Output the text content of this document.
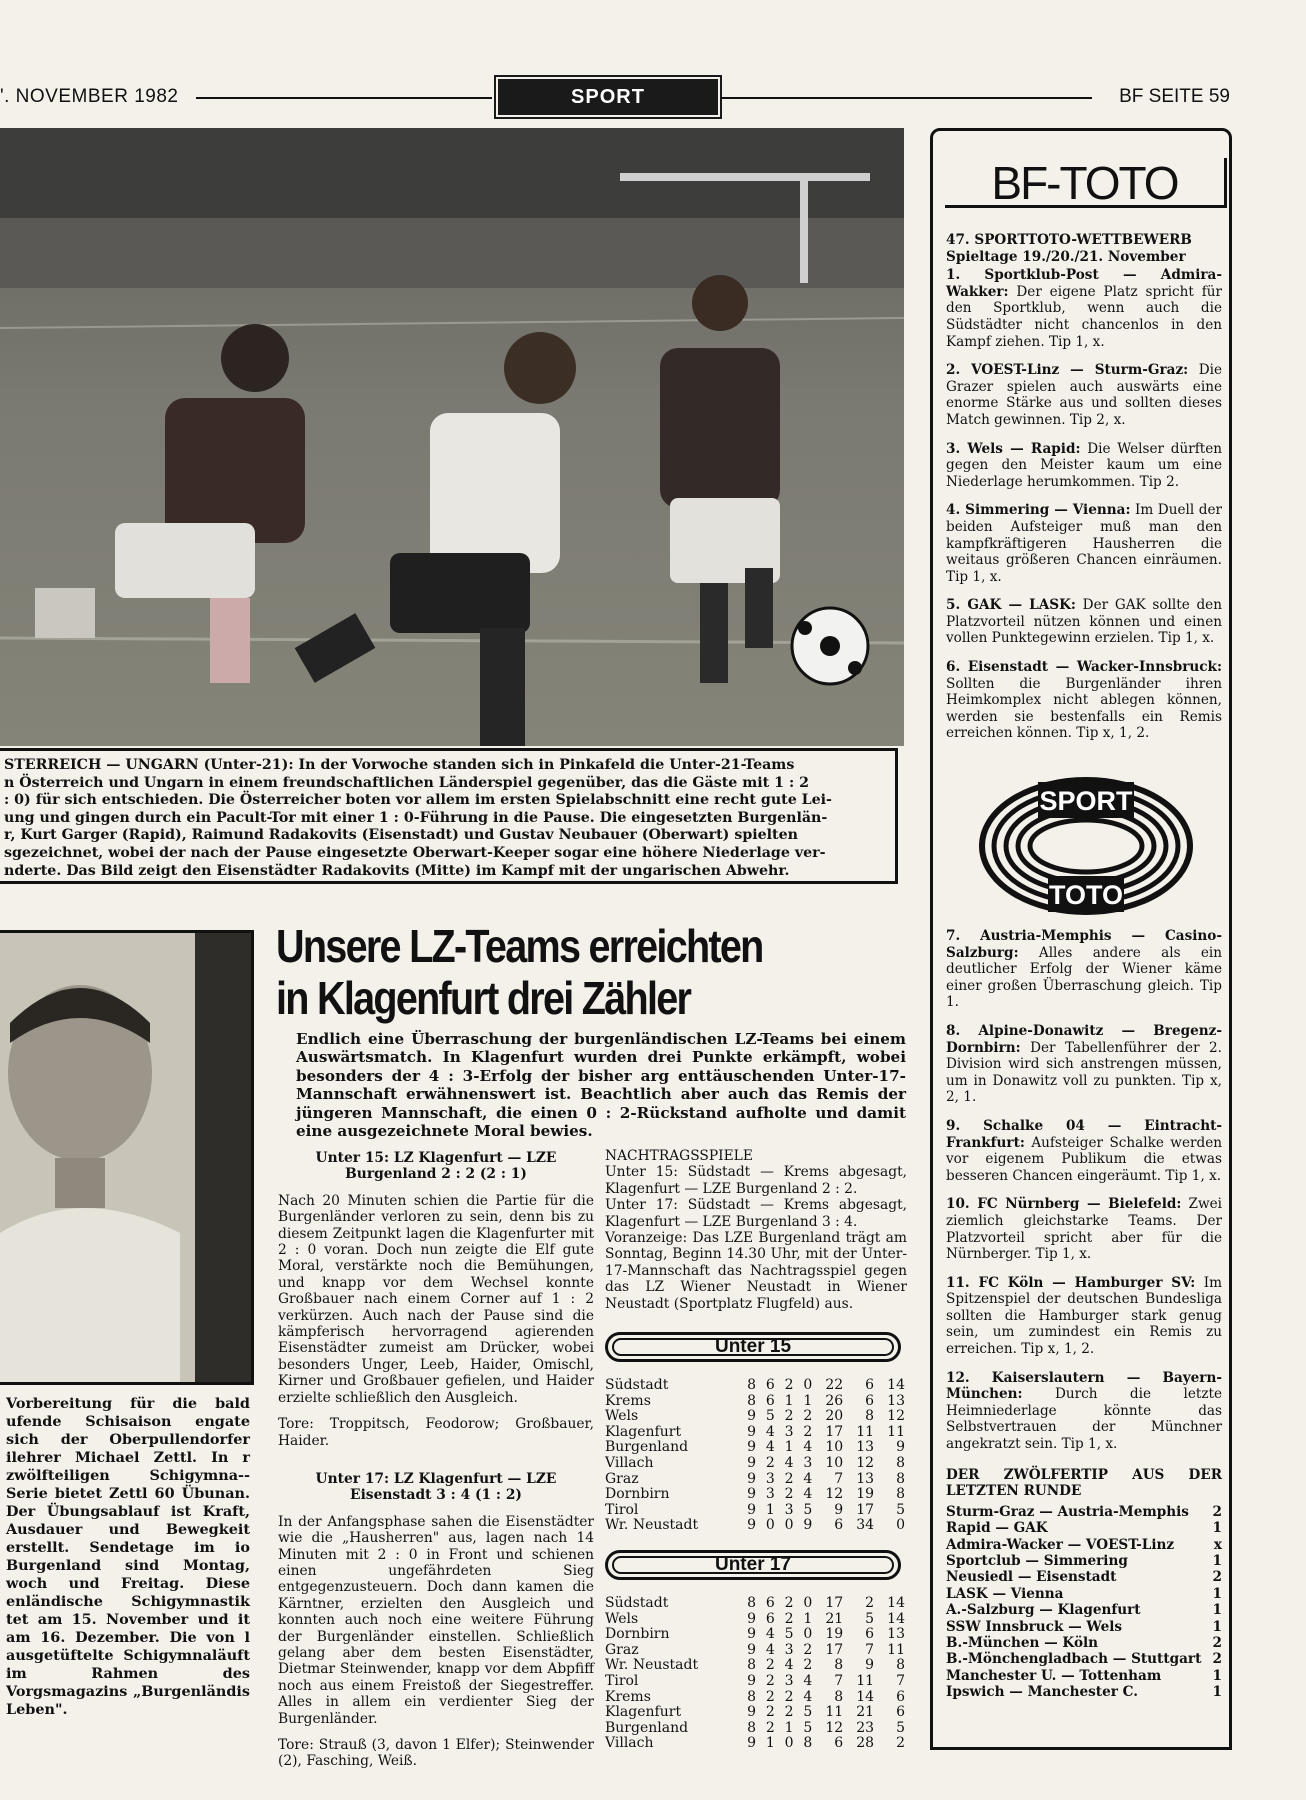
'. NOVEMBER 1982	SPORT	BF SEITE 59
STERREICH — UNGARN (Unter-21): In der Vorwoche standen sich in Pinkafeld die Unter-21-Teams
n Österreich und Ungarn in einem freundschaftlichen Länderspiel gegenüber, das die Gäste mit 1 : 2
: 0) für sich entschieden. Die Österreicher boten vor allem im ersten Spielabschnitt eine recht gute Lei-
ung und gingen durch ein Pacult-Tor mit einer 1 : 0-Führung in die Pause. Die eingesetzten Burgenlän-
r, Kurt Garger (Rapid), Raimund Radakovits (Eisenstadt) und Gustav Neubauer (Oberwart) spielten
sgezeichnet, wobei der nach der Pause eingesetzte Oberwart-Keeper sogar eine höhere Niederlage ver-
nderte. Das Bild zeigt den Eisenstädter Radakovits (Mitte) im Kampf mit der ungarischen Abwehr.
_BF-TOTO_
47. SPORTTOTO-WETTBEWERB
Spieltage 19./20./21. November

1. Sportklub-Post — Admira-Wakker: Der eigene Platz spricht für den Sportklub, wenn auch die Südstädter nicht chancenlos in den Kampf ziehen. Tip 1, x.

2. VOEST-Linz — Sturm-Graz: Die Grazer spielen auch auswärts eine enorme Stärke aus und sollten dieses Match gewinnen. Tip 2, x.

3. Wels — Rapid: Die Welser dürften gegen den Meister kaum um eine Niederlage herumkommen. Tip 2.

4. Simmering — Vienna: Im Duell der beiden Aufsteiger muß man den kampfkräftigeren Hausherren die weitaus größeren Chancen einräumen. Tip 1, x.

5. GAK — LASK: Der GAK sollte den Platzvorteil nützen können und einen vollen Punktegewinn erzielen. Tip 1, x.

6. Eisenstadt — Wacker-Innsbruck: Sollten die Burgenländer ihren Heimkomplex nicht ablegen können, werden sie bestenfalls ein Remis erreichen können. Tip x, 1, 2.

SPORT
TOTO

7. Austria-Memphis — Casino-Salzburg: Alles andere als ein deutlicher Erfolg der Wiener käme einer großen Überraschung gleich. Tip 1.

8. Alpine-Donawitz — Bregenz-Dornbirn: Der Tabellenführer der 2. Division wird sich anstrengen müssen, um in Donawitz voll zu punkten. Tip x, 2, 1.

9. Schalke 04 — Eintracht-Frankfurt: Aufsteiger Schalke werden vor eigenem Publikum die etwas besseren Chancen eingeräumt. Tip 1, x.

10. FC Nürnberg — Bielefeld: Zwei ziemlich gleichstarke Teams. Der Platzvorteil spricht aber für die Nürnberger. Tip 1, x.

11. FC Köln — Hamburger SV: Im Spitzenspiel der deutschen Bundesliga sollten die Hamburger stark genug sein, um zumindest ein Remis zu erreichen. Tip x, 1, 2.

12. Kaiserslautern — Bayern-München: Durch die letzte Heimniederlage könnte das Selbstvertrauen der Münchner angekratzt sein. Tip 1, x.

DER ZWÖLFERTIP AUS DER LETZTEN RUNDE
Sturm-Graz — Austria-Memphis	2
Rapid — GAK	1
Admira-Wacker — VOEST-Linz	x
Sportclub — Simmering	1
Neusiedl — Eisenstadt	2
LASK — Vienna	1
A.-Salzburg — Klagenfurt	1
SSW Innsbruck — Wels	1
B.-München — Köln	2
B.-Mönchengladbach — Stuttgart	2
Manchester U. — Tottenham	1
Ipswich — Manchester C.	1
Vorbereitung für die bald ufende Schisaison engate sich der Oberpullendorfer ilehrer Michael Zettl. In r zwölfteiligen Schigymna--Serie bietet Zettl 60 Übunan. Der Übungsablauf ist Kraft, Ausdauer und Bewegkeit erstellt. Sendetage im io Burgenland sind Montag, woch und Freitag. Diese enländische Schigymnastik tet am 15. November und it am 16. Dezember. Die von l ausgetüftelte Schigymnaläuft im Rahmen des Vorgsmagazins „Burgenländis Leben".
Unsere LZ-Teams erreichten
in Klagenfurt drei Zähler
Endlich eine Überraschung der burgenländischen LZ-Teams bei einem Auswärtsmatch. In Klagenfurt wurden drei Punkte erkämpft, wobei besonders der 4 : 3-Erfolg der bisher arg enttäuschenden Unter-17-Mannschaft erwähnenswert ist. Beachtlich aber auch das Remis der jüngeren Mannschaft, die einen 0 : 2-Rückstand aufholte und damit eine ausgezeichnete Moral bewies.

Unter 15: LZ Klagenfurt — LZE Burgenland 2 : 2 (2 : 1)

Nach 20 Minuten schien die Partie für die Burgenländer verloren zu sein, denn bis zu diesem Zeitpunkt lagen die Klagenfurter mit 2 : 0 voran. Doch nun zeigte die Elf gute Moral, verstärkte noch die Bemühungen, und knapp vor dem Wechsel konnte Großbauer nach einem Corner auf 1 : 2 verkürzen. Auch nach der Pause sind die kämpferisch hervorragend agierenden Eisenstädter zumeist am Drücker, wobei besonders Unger, Leeb, Haider, Omischl, Kirner und Großbauer gefielen, und Haider erzielte schließlich den Ausgleich.

Tore: Troppitsch, Feodorow; Großbauer, Haider.

Unter 17: LZ Klagenfurt — LZE Eisenstadt 3 : 4 (1 : 2)

In der Anfangsphase sahen die Eisenstädter wie die „Hausherren" aus, lagen nach 14 Minuten mit 2 : 0 in Front und schienen einen ungefährdeten Sieg entgegenzusteuern. Doch dann kamen die Kärntner, erzielten den Ausgleich und konnten auch noch eine weitere Führung der Burgenländer einstellen. Schließlich gelang aber dem besten Eisenstädter, Dietmar Steinwender, knapp vor dem Abpfiff noch aus einem Freistoß der Siegestreffer. Alles in allem ein verdienter Sieg der Burgenländer.

Tore: Strauß (3, davon 1 Elfer); Steinwender (2), Fasching, Weiß.

NACHTRAGSSPIELE

Unter 15: Südstadt — Krems abgesagt, Klagenfurt — LZE Burgenland 2 : 2.

Unter 17: Südstadt — Krems abgesagt, Klagenfurt — LZE Burgenland 3 : 4.

Voranzeige: Das LZE Burgenland trägt am Sonntag, Beginn 14.30 Uhr, mit der Unter-17-Mannschaft das Nachtragsspiel gegen das LZ Wiener Neustadt in Wiener Neustadt (Sportplatz Flugfeld) aus.

Unter 15
Südstadt	8	6	2	0	22	6	14
Krems	8	6	1	1	26	6	13
Wels	9	5	2	2	20	8	12
Klagenfurt	9	4	3	2	17	11	11
Burgenland	9	4	1	4	10	13	9
Villach	9	2	4	3	10	12	8
Graz	9	3	2	4	7	13	8
Dornbirn	9	3	2	4	12	19	8
Tirol	9	1	3	5	9	17	5
Wr. Neustadt	9	0	0	9	6	34	0
Unter 17
Südstadt	8	6	2	0	17	2	14
Wels	9	6	2	1	21	5	14
Dornbirn	9	4	5	0	19	6	13
Graz	9	4	3	2	17	7	11
Wr. Neustadt	8	2	4	2	8	9	8
Tirol	9	2	3	4	7	11	7
Krems	8	2	2	4	8	14	6
Klagenfurt	9	2	2	5	11	21	6
Burgenland	8	2	1	5	12	23	5
Villach	9	1	0	8	6	28	2
